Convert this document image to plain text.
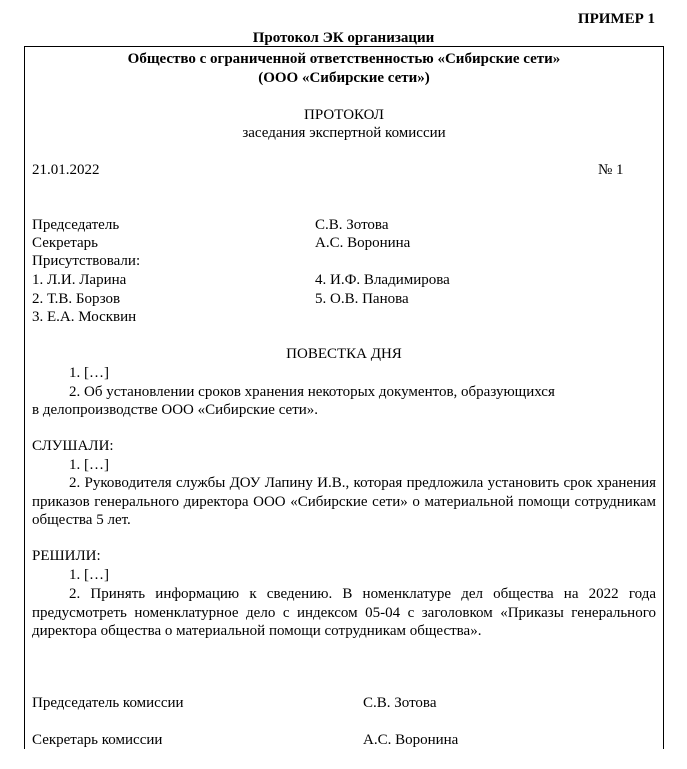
ПРИМЕР 1
Протокол ЭК организации
Общество с ограниченной ответственностью «Сибирские сети»
(ООО «Сибирские сети»)
ПРОТОКОЛ
заседания экспертной комиссии
21.01.2022	№ 1
Председатель	С.В. Зотова
Секретарь	А.С. Воронина
Присутствовали:
1. Л.И. Ларина
2. Т.В. Борзов
3. Е.А. Москвин
4. И.Ф. Владимирова
5. О.В. Панова
ПОВЕСТКА ДНЯ
1. […]
2. Об установлении сроков хранения некоторых документов, образующихся
в делопроизводстве ООО «Сибирские сети».
СЛУШАЛИ:
1. […]
2. Руководителя службы ДОУ Лапину И.В., которая предложила установить срок хранения приказов генерального директора ООО «Сибирские сети» о материальной помощи сотрудникам общества 5 лет.
РЕШИЛИ:
1. […]
2. Принять информацию к сведению. В номенклатуре дел общества на 2022 года предусмотреть номенклатурное дело с индексом 05-04 с заголовком «Приказы генерального директора общества о материальной помощи сотрудникам общества».
Председатель комиссии	С.В. Зотова
Секретарь комиссии	А.С. Воронина
